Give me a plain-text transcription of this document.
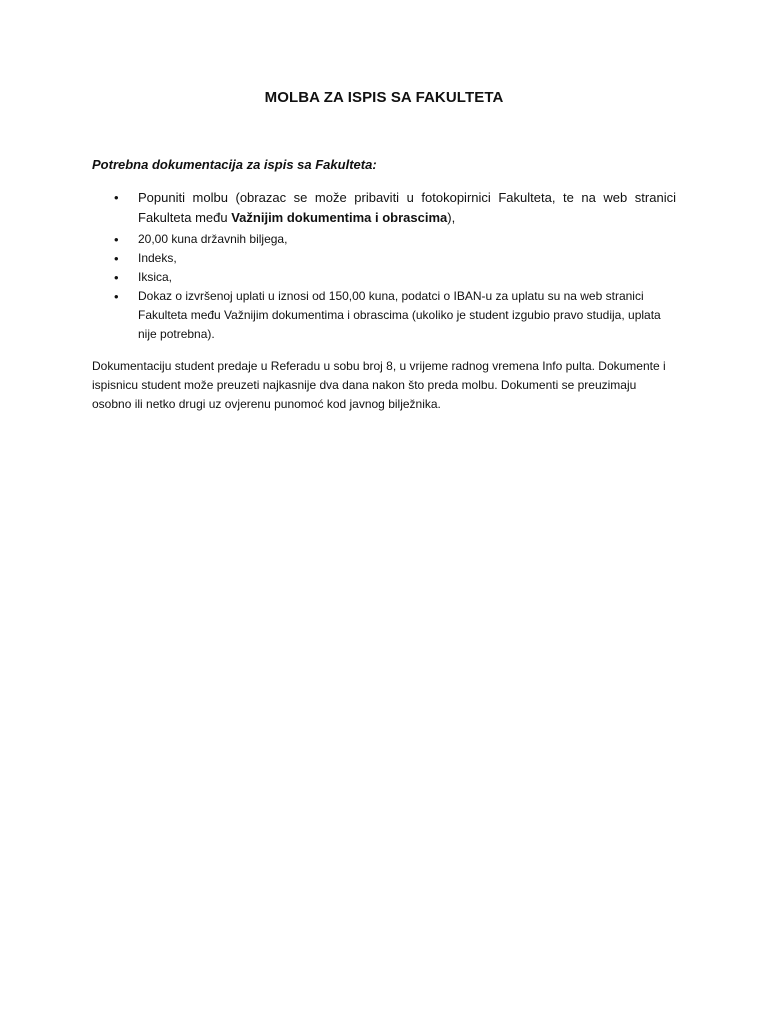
MOLBA ZA ISPIS SA FAKULTETA
Potrebna dokumentacija za ispis sa Fakulteta:
• Popuniti molbu (obrazac se može pribaviti u fotokopirnici Fakulteta, te na web stranici Fakulteta među Važnijim dokumentima i obrascima),
• 20,00 kuna državnih biljega,
• Indeks,
• Iksica,
• Dokaz o izvršenoj uplati u iznosi od 150,00 kuna, podatci o IBAN-u za uplatu su na web stranici Fakulteta među Važnijim dokumentima i obrascima (ukoliko je student izgubio pravo studija, uplata nije potrebna).
Dokumentaciju student predaje u Referadu u sobu broj 8, u vrijeme radnog vremena Info pulta. Dokumente i ispisnicu student može preuzeti najkasnije dva dana nakon što preda molbu. Dokumenti se preuzimaju osobno ili netko drugi uz ovjerenu punomoć kod javnog bilježnika.
